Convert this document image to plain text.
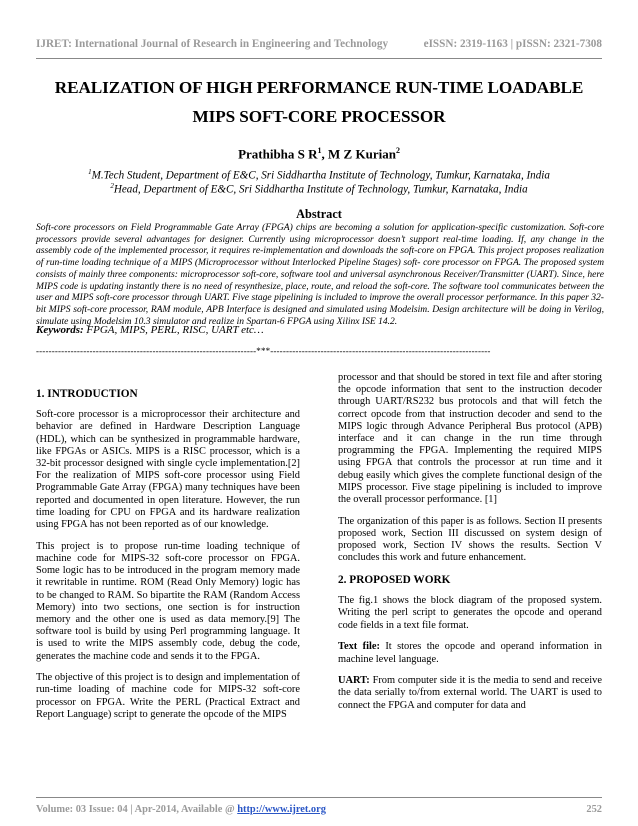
IJRET: International Journal of Research in Engineering and Technology	eISSN: 2319-1163 | pISSN: 2321-7308
REALIZATION OF HIGH PERFORMANCE RUN-TIME LOADABLE
MIPS SOFT-CORE PROCESSOR
Prathibha S $R^1$, M Z Kurian$^2$
$^1$M.Tech Student, Department of E&C, Sri Siddhartha Institute of Technology, Tumkur, Karnataka, India
$^2$Head, Department of E&C, Sri Siddhartha Institute of Technology, Tumkur, Karnataka, India
Abstract
Soft-core processors on Field Programmable Gate Array (FPGA) chips are becoming a solution for application-specific customization. Soft-core processors provide several advantages for designer. Currently using microprocessor doesn’t support real-time loading. If, any change in the assembly code of the implemented processor, it requires re-implementation and downloads the soft-core on FPGA. This project proposes realization of run-time loading technique of a MIPS (Microprocessor without Interlocked Pipeline Stages) soft- core processor on FPGA. The proposed system consists of mainly three components: microprocessor soft-core, software tool and universal asynchronous Receiver/Transmitter (UART). Since, here MIPS code is updating instantly there is no need of resynthesize, place, route, and reload the soft-core. The software tool communicates between the user and MIPS soft-core processor through UART. Five stage pipelining is included to improve the overall processor performance. In this paper 32-bit MIPS soft-core processor, RAM module, APB Interface is designed and simulated using Modelsim. Design architecture will be doing in Verilog, simulate using Modelsim 10.3 simulator and realize in Spartan-6 FPGA using Xilinx ISE 14.2.
Keywords: FPGA, MIPS, PERL, RISC, UART etc…
----------------------------------------------------------------------***----------------------------------------------------------------------
1. INTRODUCTION

Soft-core processor is a microprocessor their architecture and behavior are defined in Hardware Description Language (HDL), which can be synthesized in programmable hardware, like FPGAs or ASICs. MIPS is a RISC processor, which is a 32-bit processor designed with single cycle implementation.[2] For the realization of MIPS soft-core processor using Field Programmable Gate Array (FPGA) many techniques have been reported and documented in open literature. However, the run time loading for CPU on FPGA and its hardware realization using FPGA has not been reported as of our knowledge.

This project is to propose run-time loading technique of machine code for MIPS-32 soft-core processor on FPGA. Some logic has to be introduced in the program memory made it rewritable in runtime. ROM (Read Only Memory) logic has to be changed to RAM. So bipartite the RAM (Random Access Memory) into two sections, one section is for instruction memory and the other one is used as data memory.[9] The software tool is build by using Perl programming language. It is used to write the MIPS assembly code, debug the code, generates the machine code and sends it to the FPGA.

The objective of this project is to design and implementation of run-time loading of machine code for MIPS-32 soft-core processor on FPGA. Write the PERL (Practical Extract and Report Language) script to generate the opcode of the MIPS

processor and that should be stored in text file and after storing the opcode information that sent to the instruction decoder through UART/RS232 bus protocols and that will fetch the correct opcode from that instruction decoder and send to the MIPS logic through Advance Peripheral Bus protocol (APB) interface and it can change in the run time through programming the FPGA. Implementing the required MIPS using FPGA that controls the processor at run time and it debug easily which gives the complete functional design of the MIPS processor. Five stage pipelining is included to improve the overall processor performance. [1]

The organization of this paper is as follows. Section II presents proposed work, Section III discussed on system design of proposed work, Section IV shows the results. Section V concludes this work and future enhancement.

2. PROPOSED WORK

The fig.1 shows the block diagram of the proposed system. Writing the perl script to generates the opcode and operand code fields in a text file format.

Text file: It stores the opcode and operand information in machine level language.

UART: From computer side it is the media to send and receive the data serially to/from external world. The UART is used to connect the FPGA and computer for data and

Volume: 03 Issue: 04 | Apr-2014, Available @ http://www.ijret.org	252
